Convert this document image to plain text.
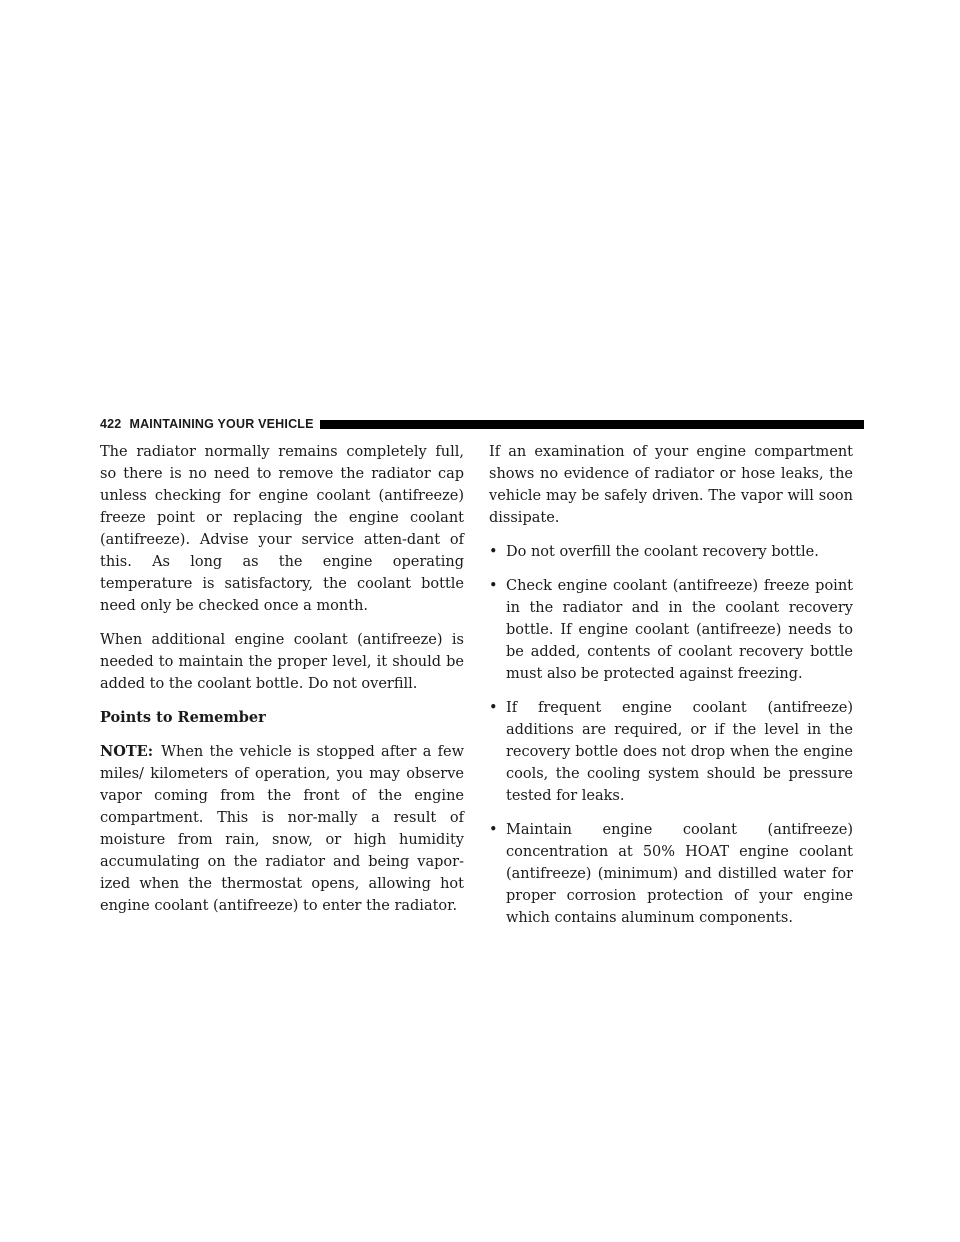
422 MAINTAINING YOUR VEHICLE

The radiator normally remains completely full, so there is no need to remove the radiator cap unless checking for engine coolant (antifreeze) freeze point or replacing the engine coolant (antifreeze). Advise your service atten-dant of this. As long as the engine operating temperature is satisfactory, the coolant bottle need only be checked once a month.

When additional engine coolant (antifreeze) is needed to maintain the proper level, it should be added to the coolant bottle. Do not overfill.

Points to Remember

NOTE: When the vehicle is stopped after a few miles/ kilometers of operation, you may observe vapor coming from the front of the engine compartment. This is nor-mally a result of moisture from rain, snow, or high humidity accumulating on the radiator and being vapor-ized when the thermostat opens, allowing hot engine coolant (antifreeze) to enter the radiator.

If an examination of your engine compartment shows no evidence of radiator or hose leaks, the vehicle may be safely driven. The vapor will soon dissipate.

• Do not overfill the coolant recovery bottle.
• Check engine coolant (antifreeze) freeze point in the radiator and in the coolant recovery bottle. If engine coolant (antifreeze) needs to be added, contents of coolant recovery bottle must also be protected against freezing.
• If frequent engine coolant (antifreeze) additions are required, or if the level in the recovery bottle does not drop when the engine cools, the cooling system should be pressure tested for leaks.
• Maintain engine coolant (antifreeze) concentration at 50% HOAT engine coolant (antifreeze) (minimum) and distilled water for proper corrosion protection of your engine which contains aluminum components.
